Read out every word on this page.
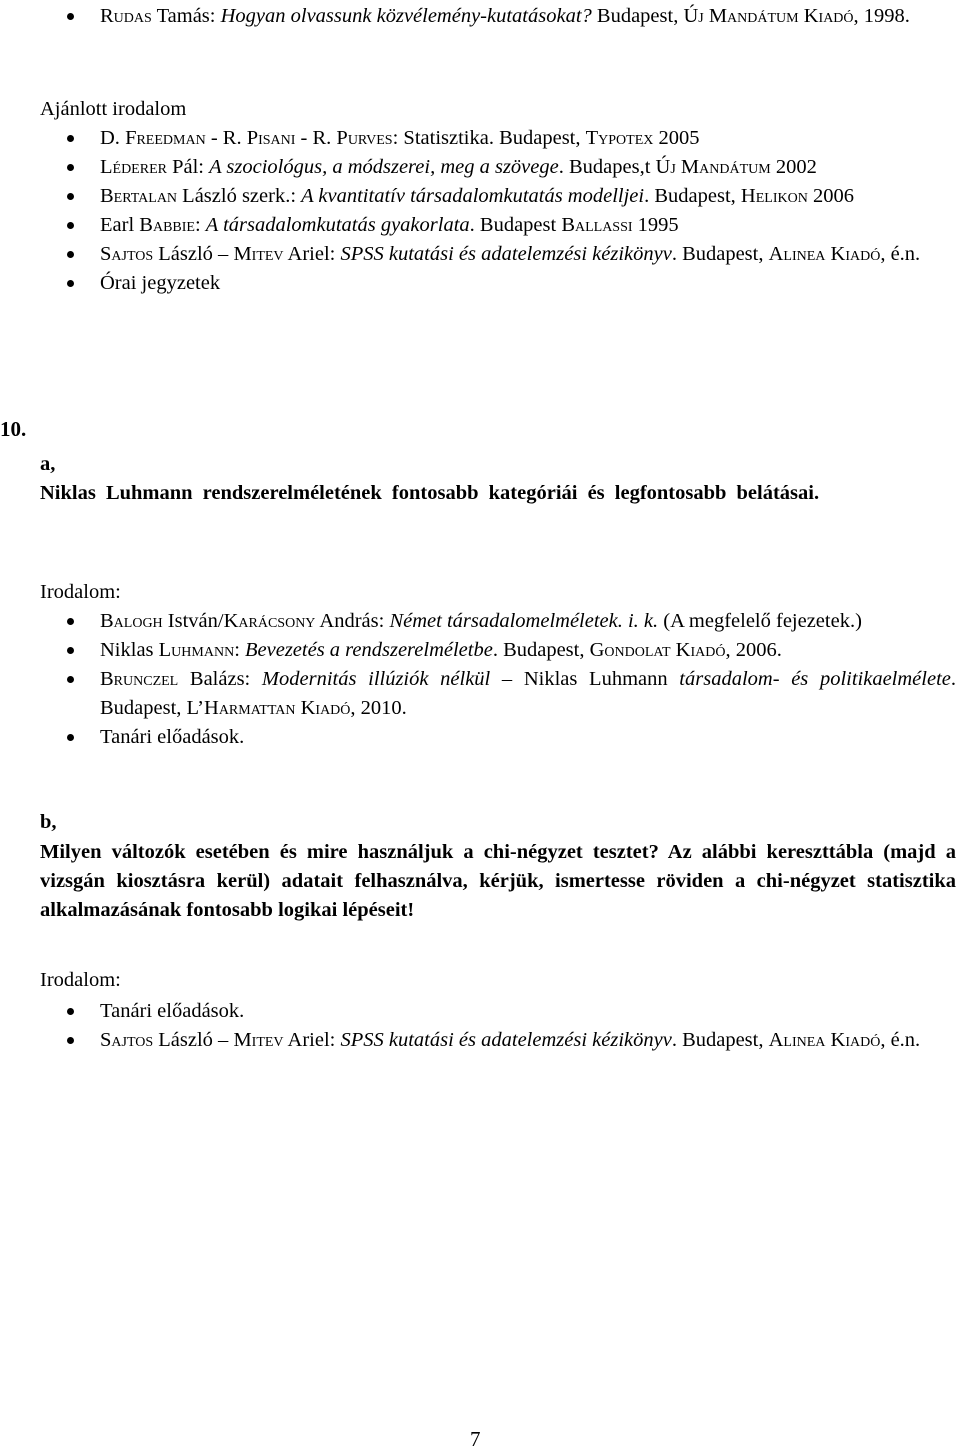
Rudas Tamás: Hogyan olvassunk közvélemény-kutatásokat? Budapest, Új Mandátum Kiadó, 1998.
Ajánlott irodalom
D. Freedman - R. Pisani - R. Purves: Statisztika. Budapest, Typotex 2005
Léderer Pál: A szociológus, a módszerei, meg a szövege. Budapes,t Új Mandátum 2002
Bertalan László szerk.: A kvantitatív társadalomkutatás modelljei. Budapest, Helikon 2006
Earl Babbie: A társadalomkutatás gyakorlata. Budapest Ballassi 1995
Sajtos László – Mitev Ariel: SPSS kutatási és adatelemzési kézikönyv. Budapest, Alinea Kiadó, é.n.
Órai jegyzetek
10.
a,
Niklas Luhmann rendszerelméletének fontosabb kategóriái és legfontosabb belátásai.
Irodalom:
Balogh István/Karácsony András: Német társadalomelméletek. i. k. (A megfelelő fejezetek.)
Niklas Luhmann: Bevezetés a rendszerelméletbe. Budapest, Gondolat Kiadó, 2006.
Brunczel Balázs: Modernitás illúziók nélkül – Niklas Luhmann társadalom- és politikaelmélete. Budapest, L’Harmattan Kiadó, 2010.
Tanári előadások.
b,
Milyen változók esetében és mire használjuk a chi-négyzet tesztet? Az alábbi kereszttábla (majd a vizsgán kiosztásra kerül) adatait felhasználva, kérjük, ismertesse röviden a chi-négyzet statisztika alkalmazásának fontosabb logikai lépéseit!
Irodalom:
Tanári előadások.
Sajtos László – Mitev Ariel: SPSS kutatási és adatelemzési kézikönyv. Budapest, Alinea Kiadó, é.n.
7
